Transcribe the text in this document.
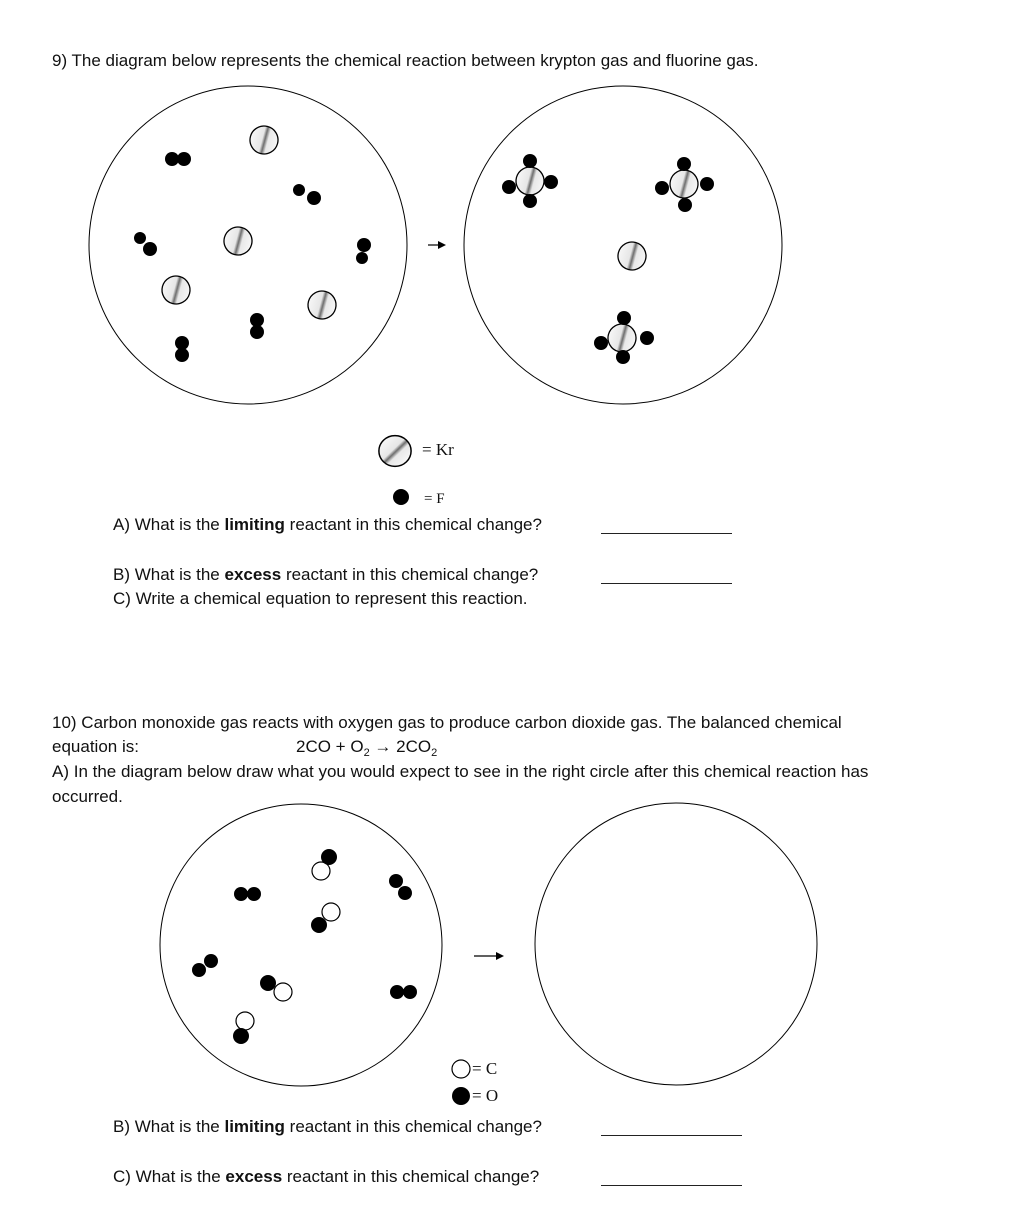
9) The diagram below represents the chemical reaction between krypton gas and fluorine gas.
= Kr
= F
A) What is the limiting reactant in this chemical change?
B) What is the excess reactant in this chemical change?
C) Write a chemical equation to represent this reaction.
10) Carbon monoxide gas reacts with oxygen gas to produce carbon dioxide gas. The balanced chemical
equation is:	$2CO + O_2 \to 2CO_2$
A) In the diagram below draw what you would expect to see in the right circle after this chemical reaction has
occurred.
= C
= O
B) What is the limiting reactant in this chemical change?
C) What is the excess reactant in this chemical change?
